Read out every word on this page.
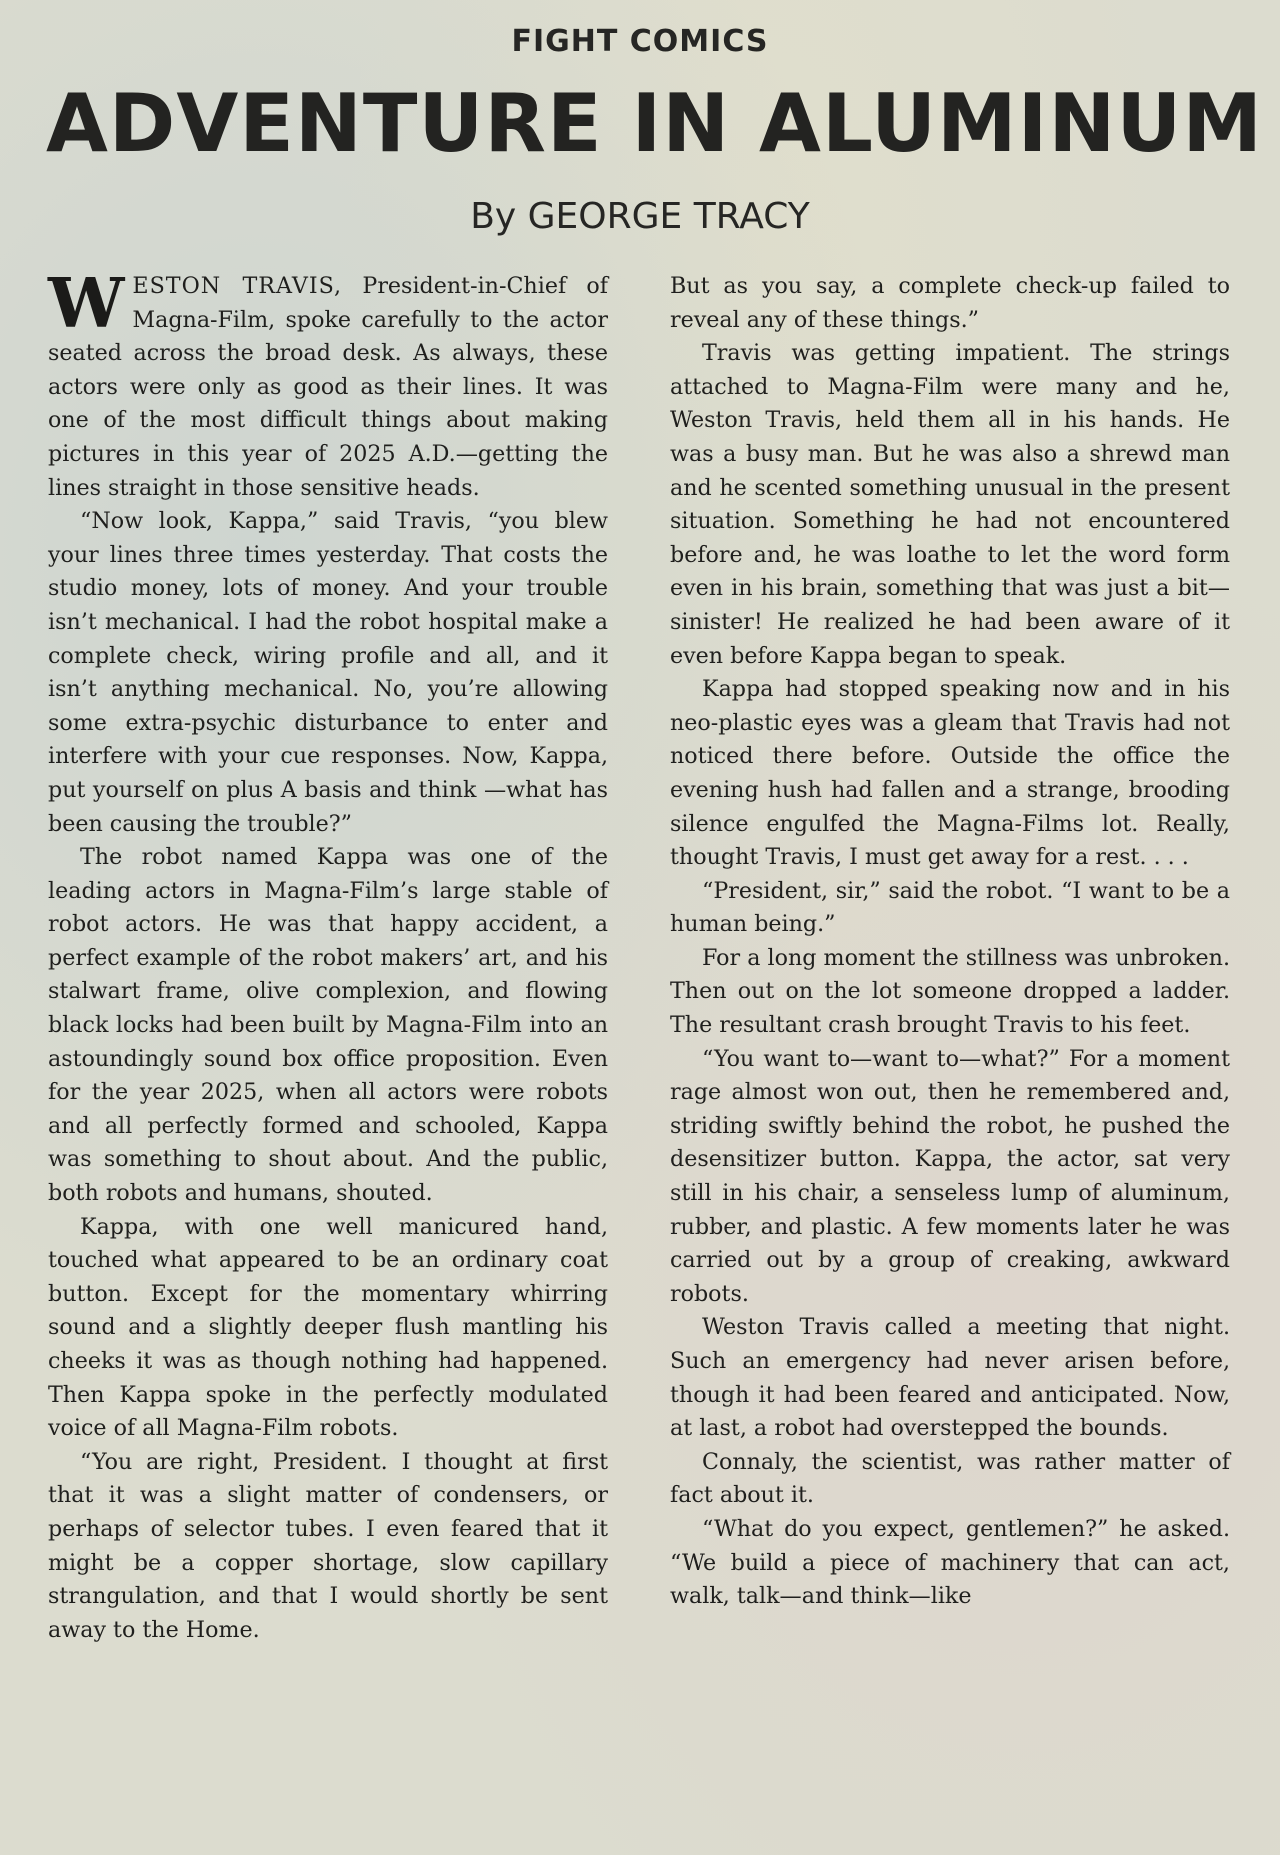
FIGHT COMICS
ADVENTURE IN ALUMINUM
By GEORGE TRACY

WESTON TRAVIS, President-in-Chief of Magna-Film, spoke carefully to the actor seated across the broad desk. As always, these actors were only as good as their lines. It was one of the most difficult things about making pictures in this year of 2025 A.D.—getting the lines straight in those sensitive heads.

“Now look, Kappa,” said Travis, “you blew your lines three times yesterday. That costs the studio money, lots of money. And your trouble isn’t mechanical. I had the robot hospital make a complete check, wiring profile and all, and it isn’t anything mechanical. No, you’re allowing some extra-psychic disturbance to enter and interfere with your cue responses. Now, Kappa, put yourself on plus A basis and think —what has been causing the trouble?”

The robot named Kappa was one of the leading actors in Magna-Film’s large stable of robot actors. He was that happy accident, a perfect example of the robot makers’ art, and his stalwart frame, olive complexion, and flowing black locks had been built by Magna-Film into an astoundingly sound box office proposition. Even for the year 2025, when all actors were robots and all perfectly formed and schooled, Kappa was something to shout about. And the public, both robots and humans, shouted.

Kappa, with one well manicured hand, touched what appeared to be an ordinary coat button. Except for the momentary whirring sound and a slightly deeper flush mantling his cheeks it was as though nothing had happened. Then Kappa spoke in the perfectly modulated voice of all Magna-Film robots.

“You are right, President. I thought at first that it was a slight matter of condensers, or perhaps of selector tubes. I even feared that it might be a copper shortage, slow capillary strangulation, and that I would shortly be sent away to the Home.

But as you say, a complete check-up failed to reveal any of these things.”

Travis was getting impatient. The strings attached to Magna-Film were many and he, Weston Travis, held them all in his hands. He was a busy man. But he was also a shrewd man and he scented something unusual in the present situation. Something he had not encountered before and, he was loathe to let the word form even in his brain, something that was just a bit—sinister! He realized he had been aware of it even before Kappa began to speak.

Kappa had stopped speaking now and in his neo-plastic eyes was a gleam that Travis had not noticed there before. Outside the office the evening hush had fallen and a strange, brooding silence engulfed the Magna-Films lot. Really, thought Travis, I must get away for a rest. . . .

“President, sir,” said the robot. “I want to be a human being.”

For a long moment the stillness was unbroken. Then out on the lot someone dropped a ladder. The resultant crash brought Travis to his feet.

“You want to—want to—what?” For a moment rage almost won out, then he remembered and, striding swiftly behind the robot, he pushed the desensitizer button. Kappa, the actor, sat very still in his chair, a senseless lump of aluminum, rubber, and plastic. A few moments later he was carried out by a group of creaking, awkward robots.

Weston Travis called a meeting that night. Such an emergency had never arisen before, though it had been feared and anticipated. Now, at last, a robot had overstepped the bounds.

Connaly, the scientist, was rather matter of fact about it.

“What do you expect, gentlemen?” he asked. “We build a piece of machinery that can act, walk, talk—and think—like
